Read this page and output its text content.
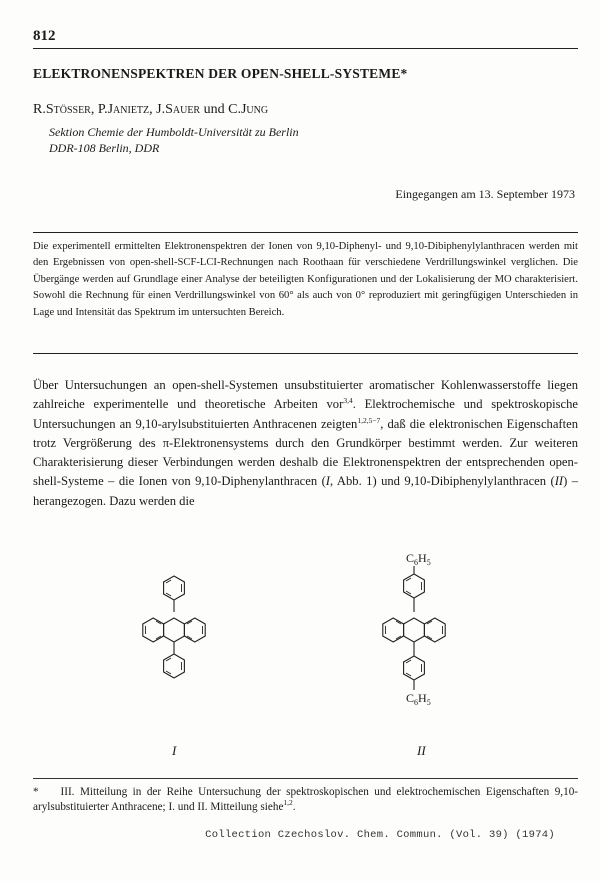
812
ELEKTRONENSPEKTREN DER OPEN-SHELL-SYSTEME*
R.Stösser, P.Janietz, J.Sauer und C.Jung
Sektion Chemie der Humboldt-Universität zu Berlin
DDR-108 Berlin, DDR
Eingegangen am 13. September 1973
Die experimentell ermittelten Elektronenspektren der Ionen von 9,10-Diphenyl- und 9,10-Dibiphenylylanthracen werden mit den Ergebnissen von open-shell-SCF-LCI-Rechnungen nach Roothaan für verschiedene Verdrillungswinkel verglichen. Die Übergänge werden auf Grundlage einer Analyse der beteiligten Konfigurationen und der Lokalisierung der MO charakterisiert. Sowohl die Rechnung für einen Verdrillungswinkel von 60° als auch von 0° reproduziert mit geringfügigen Unterschieden in Lage und Intensität das Spektrum im untersuchten Bereich.
Über Untersuchungen an open-shell-Systemen unsubstituierter aromatischer Kohlenwasserstoffe liegen zahlreiche experimentelle und theoretische Arbeiten vor$^{3,4}$. Elektrochemische und spektroskopische Untersuchungen an 9,10-arylsubstituierten Anthracenen zeigten$^{1,2,5-7}$, daß die elektronischen Eigenschaften trotz Vergrößerung des π-Elektronensystems durch den Grundkörper bestimmt werden. Zur weiteren Charakterisierung dieser Verbindungen werden deshalb die Elektronenspektren der entsprechenden open-shell-Systeme – die Ionen von 9,10-Diphenylanthracen (I, Abb. 1) und 9,10-Dibiphenylylanthracen (II) – herangezogen. Dazu werden die
$C_6H_5$
$C_6H_5$
I	II
* III. Mitteilung in der Reihe Untersuchung der spektroskopischen und elektrochemischen Eigenschaften 9,10-arylsubstituierter Anthracene; I. und II. Mitteilung siehe$^{1,2}$.
Collection Czechoslov. Chem. Commun. (Vol. 39) (1974)
